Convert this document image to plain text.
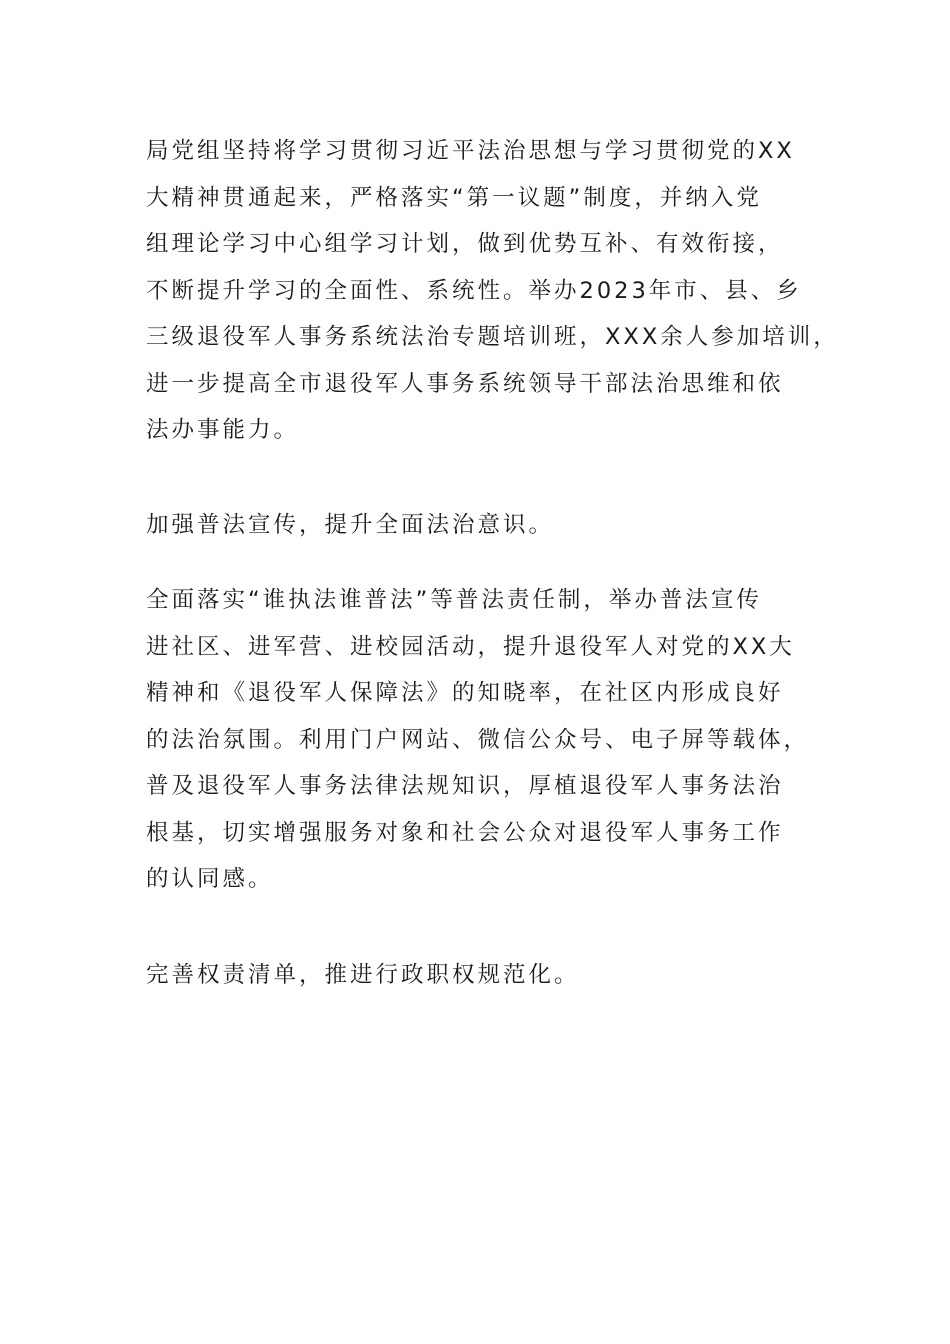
局党组坚持将学习贯彻习近平法治思想与学习贯彻党的XX
大精神贯通起来，严格落实“第一议题”制度，并纳入党
组理论学习中心组学习计划，做到优势互补、有效衔接，
不断提升学习的全面性、系统性。举办2023年市、县、乡
三级退役军人事务系统法治专题培训班，XXX余人参加培训，
进一步提高全市退役军人事务系统领导干部法治思维和依
法办事能力。
加强普法宣传，提升全面法治意识。
全面落实“谁执法谁普法”等普法责任制，举办普法宣传
进社区、进军营、进校园活动，提升退役军人对党的XX大
精神和《退役军人保障法》的知晓率，在社区内形成良好
的法治氛围。利用门户网站、微信公众号、电子屏等载体，
普及退役军人事务法律法规知识，厚植退役军人事务法治
根基，切实增强服务对象和社会公众对退役军人事务工作
的认同感。
完善权责清单，推进行政职权规范化。
